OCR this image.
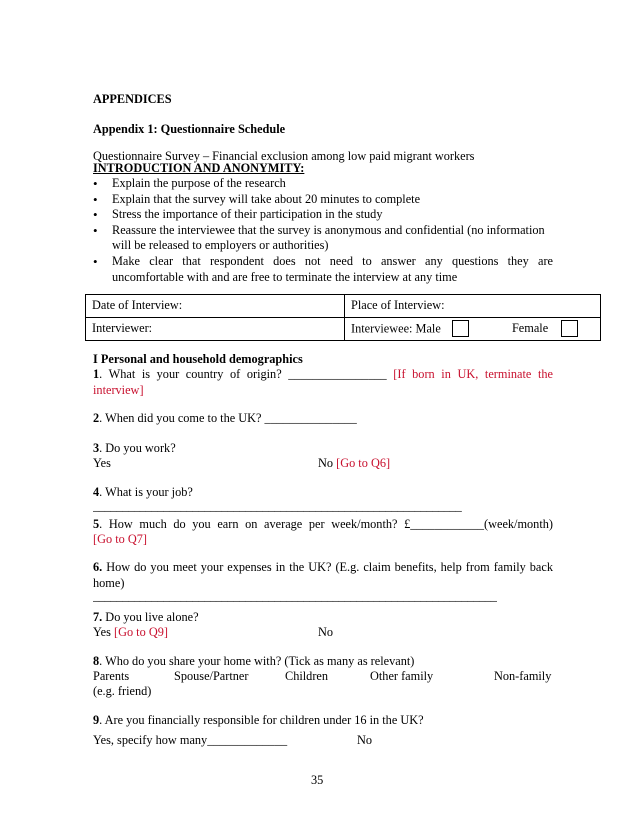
APPENDICES
Appendix 1: Questionnaire Schedule
Questionnaire Survey – Financial exclusion among low paid migrant workers
INTRODUCTION AND ANONYMITY:
• Explain the purpose of the research
• Explain that the survey will take about 20 minutes to complete
• Stress the importance of their participation in the study
• Reassure the interviewee that the survey is anonymous and confidential (no information will be released to employers or authorities)
• Make clear that respondent does not need to answer any questions they are uncomfortable with and are free to terminate the interview at any time
Date of Interview:	Place of Interview:
Interviewer:	Interviewee: Male Female
I Personal and household demographics
1. What is your country of origin? ________________ [If born in UK, terminate the interview]
2. When did you come to the UK? _______________
3. Do you work?
Yes	No [Go to Q6]
4. What is your job?
_______________________________________________________________
5. How much do you earn on average per week/month? £____________(week/month)
[Go to Q7]
6. How do you meet your expenses in the UK? (E.g. claim benefits, help from family back home)
_____________________________________________________________________
7. Do you live alone?
Yes [Go to Q9]	No
8. Who do you share your home with? (Tick as many as relevant)
Parents	Spouse/Partner	Children	Other family	Non-family
(e.g. friend)
9. Are you financially responsible for children under 16 in the UK?
Yes, specify how many_____________	No
35
